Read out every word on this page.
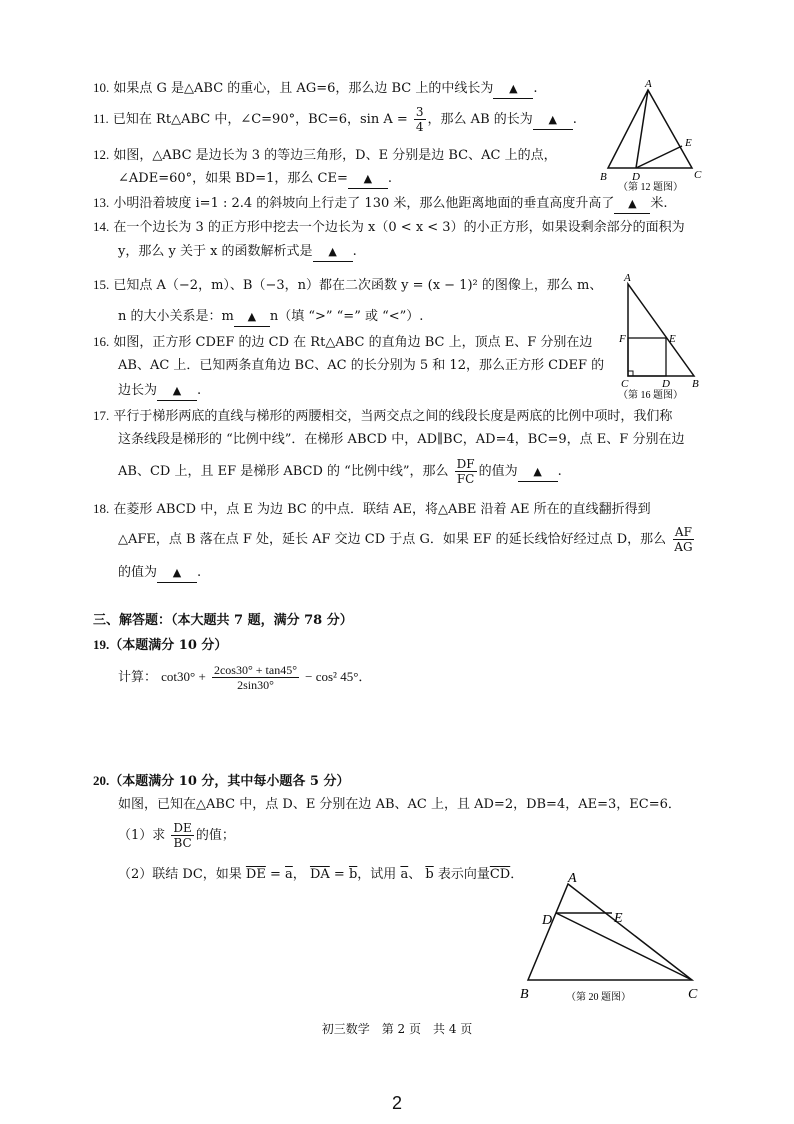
10. 如果点 G 是△ABC 的重心，且 AG=6，那么边 BC 上的中线长为 ▲ .
11. 已知在 Rt△ABC 中，∠C=90°，BC=6，$\sin A = \frac{3}{4}$ ，那么 AB 的长为 ▲ .
12. 如图，△ABC 是边长为 3 的等边三角形，D、E 分别是边 BC、AC 上的点，
∠ADE=60°，如果 BD=1，那么 CE= ▲ .
A
B D	C
E
（第 12 题图）
13. 小明沿着坡度 i=1 : 2.4 的斜坡向上行走了 130 米，那么他距离地面的垂直高度升高了 ▲ 米.
14. 在一个边长为 3 的正方形中挖去一个边长为 x（0 < x < 3）的小正方形，如果设剩余部分的面积为
y，那么 y 关于 x 的函数解析式是 ▲ .
15. 已知点 A（−2，m）、B（−3，n）都在二次函数 y = (x − 1)² 的图像上，那么 m、
n 的大小关系是：m ▲ n（填 “>” “=” 或 “<”）.
16. 如图，正方形 CDEF 的边 CD 在 Rt△ABC 的直角边 BC 上，顶点 E、F 分别在边
AB、AC 上．已知两条直角边 BC、AC 的长分别为 5 和 12，那么正方形 CDEF 的
边长为 ▲ .
A
F	E
C	D B
（第 16 题图）
17. 平行于梯形两底的直线与梯形的两腰相交，当两交点之间的线段长度是两底的比例中项时，我们称
这条线段是梯形的 “比例中线”．在梯形 ABCD 中，AD∥BC，AD=4，BC=9，点 E、F 分别在边
AB、CD 上，且 EF 是梯形 ABCD 的 “比例中线”，那么 $\frac{DF}{FC}$ 的值为 ▲ .
18. 在菱形 ABCD 中，点 E 为边 BC 的中点．联结 AE，将△ABE 沿着 AE 所在的直线翻折得到
△AFE，点 B 落在点 F 处，延长 AF 交边 CD 于点 G．如果 EF 的延长线恰好经过点 D，那么 $\frac{AF}{AG}$
的值为 ▲ .
三、解答题：（本大题共 7 题，满分 78 分）
19.（本题满分 10 分）
计算： $\cot 30^\circ + \frac{2\cos 30^\circ + \tan 45^\circ}{2\sin 30^\circ} - \cos^2$ 45°．
20.（本题满分 10 分，其中每小题各 5 分）
如图，已知在△ABC 中，点 D、E 分别在边 AB、AC 上，且 AD=2，DB=4，AE=3，EC=6．
（1）求 $\frac{DE}{BC}$ 的值；
（2）联结 DC，如果 $\overline{DE} = \overline{a}$， $\overline{DA} = \overline{b}$，试用 $\overline{a}$、 $\overline{b}$ 表示向量$\overline{CD}$．	A
D	E
B	C
（第 20 题图）
初三数学　第 2 页　共 4 页
2
